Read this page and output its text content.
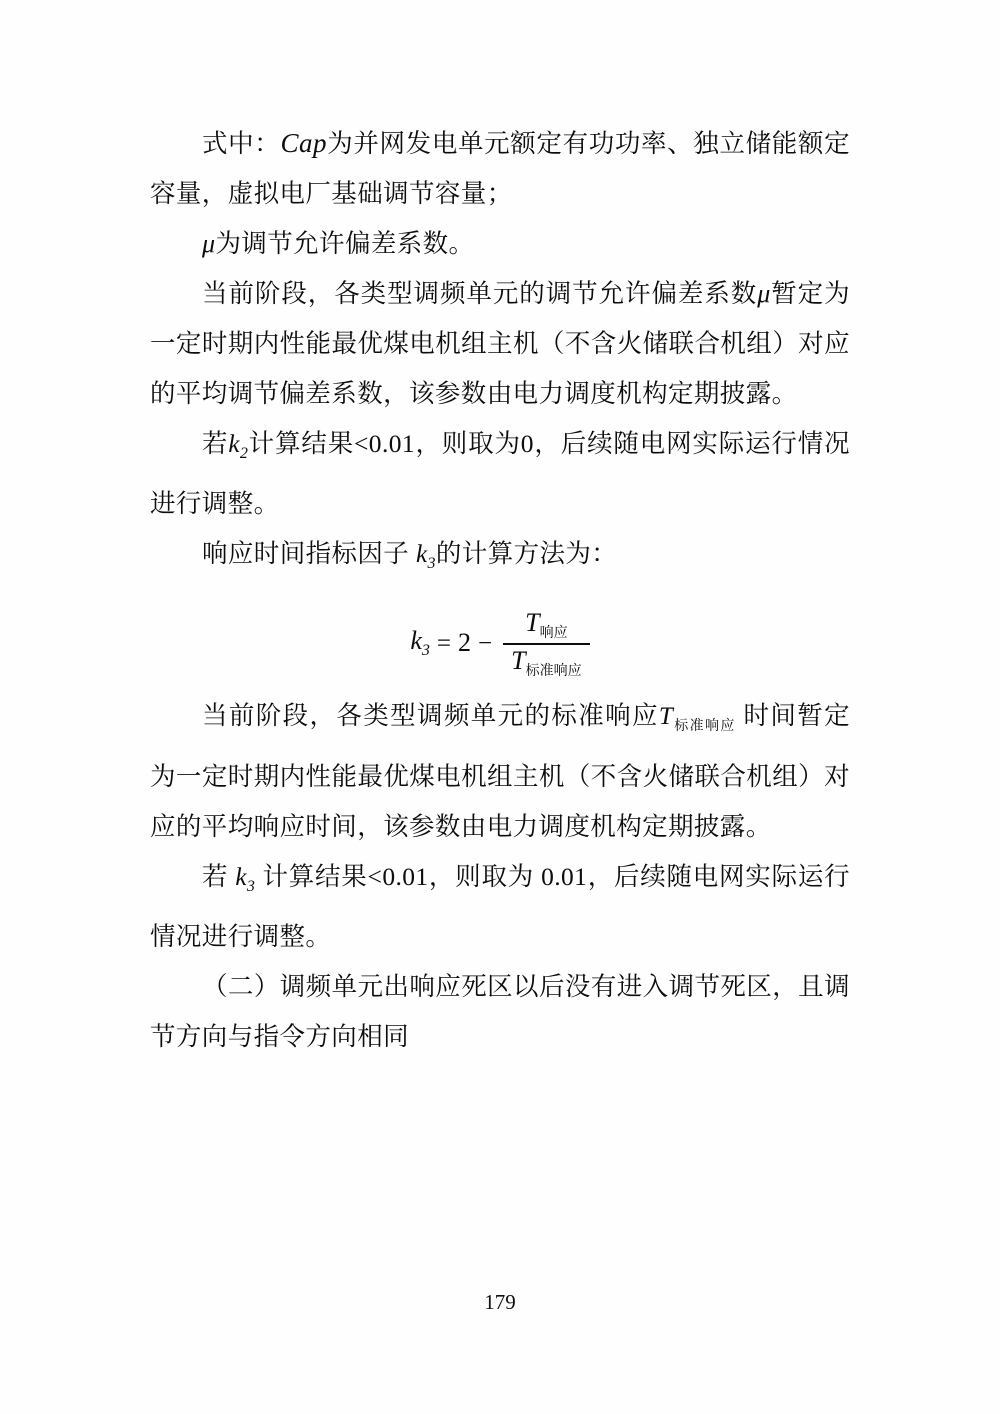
式中：Cap为并网发电单元额定有功功率、独立储能额定容量，虚拟电厂基础调节容量；

μ为调节允许偏差系数。

当前阶段，各类型调频单元的调节允许偏差系数μ暂定为一定时期内性能最优煤电机组主机（不含火储联合机组）对应的平均调节偏差系数，该参数由电力调度机构定期披露。

若$k_2$计算结果<0.01，则取为0，后续随电网实际运行情况进行调整。

响应时间指标因子 $k_3$的计算方法为：

$k_3 = 2 - \frac{T_{响应}}{T_{标准响应}}$

当前阶段，各类型调频单元的标准响应$T_{标准响应}$ 时间暂定为一定时期内性能最优煤电机组主机（不含火储联合机组）对应的平均响应时间，该参数由电力调度机构定期披露。

若 $k_3$ 计算结果<0.01，则取为 0.01，后续随电网实际运行情况进行调整。

（二）调频单元出响应死区以后没有进入调节死区，且调节方向与指令方向相同

179
